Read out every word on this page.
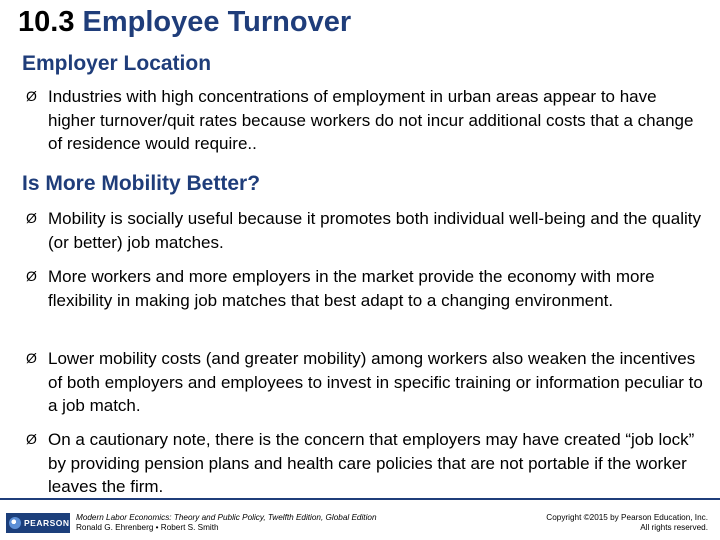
10.3 Employee Turnover
Employer Location
Ø Industries with high concentrations of employment in urban areas appear to have higher turnover/quit rates because workers do not incur additional costs that a change of residence would require..
Is More Mobility Better?
Ø Mobility is socially useful because it promotes both individual well-being and the quality (or better) job matches.
Ø More workers and more employers in the market provide the economy with more flexibility in making job matches that best adapt to a changing environment.
Ø Lower mobility costs (and greater mobility) among workers also weaken the incentives of both employers and employees to invest in specific training or information peculiar to a job match.
Ø On a cautionary note, there is the concern that employers may have created “job lock” by providing pension plans and health care policies that are not portable if the worker leaves the firm.
PEARSON
Modern Labor Economics: Theory and Public Policy, Twelfth Edition, Global Edition
Ronald G. Ehrenberg • Robert S. Smith
Copyright ©2015 by Pearson Education, Inc.
All rights reserved.
